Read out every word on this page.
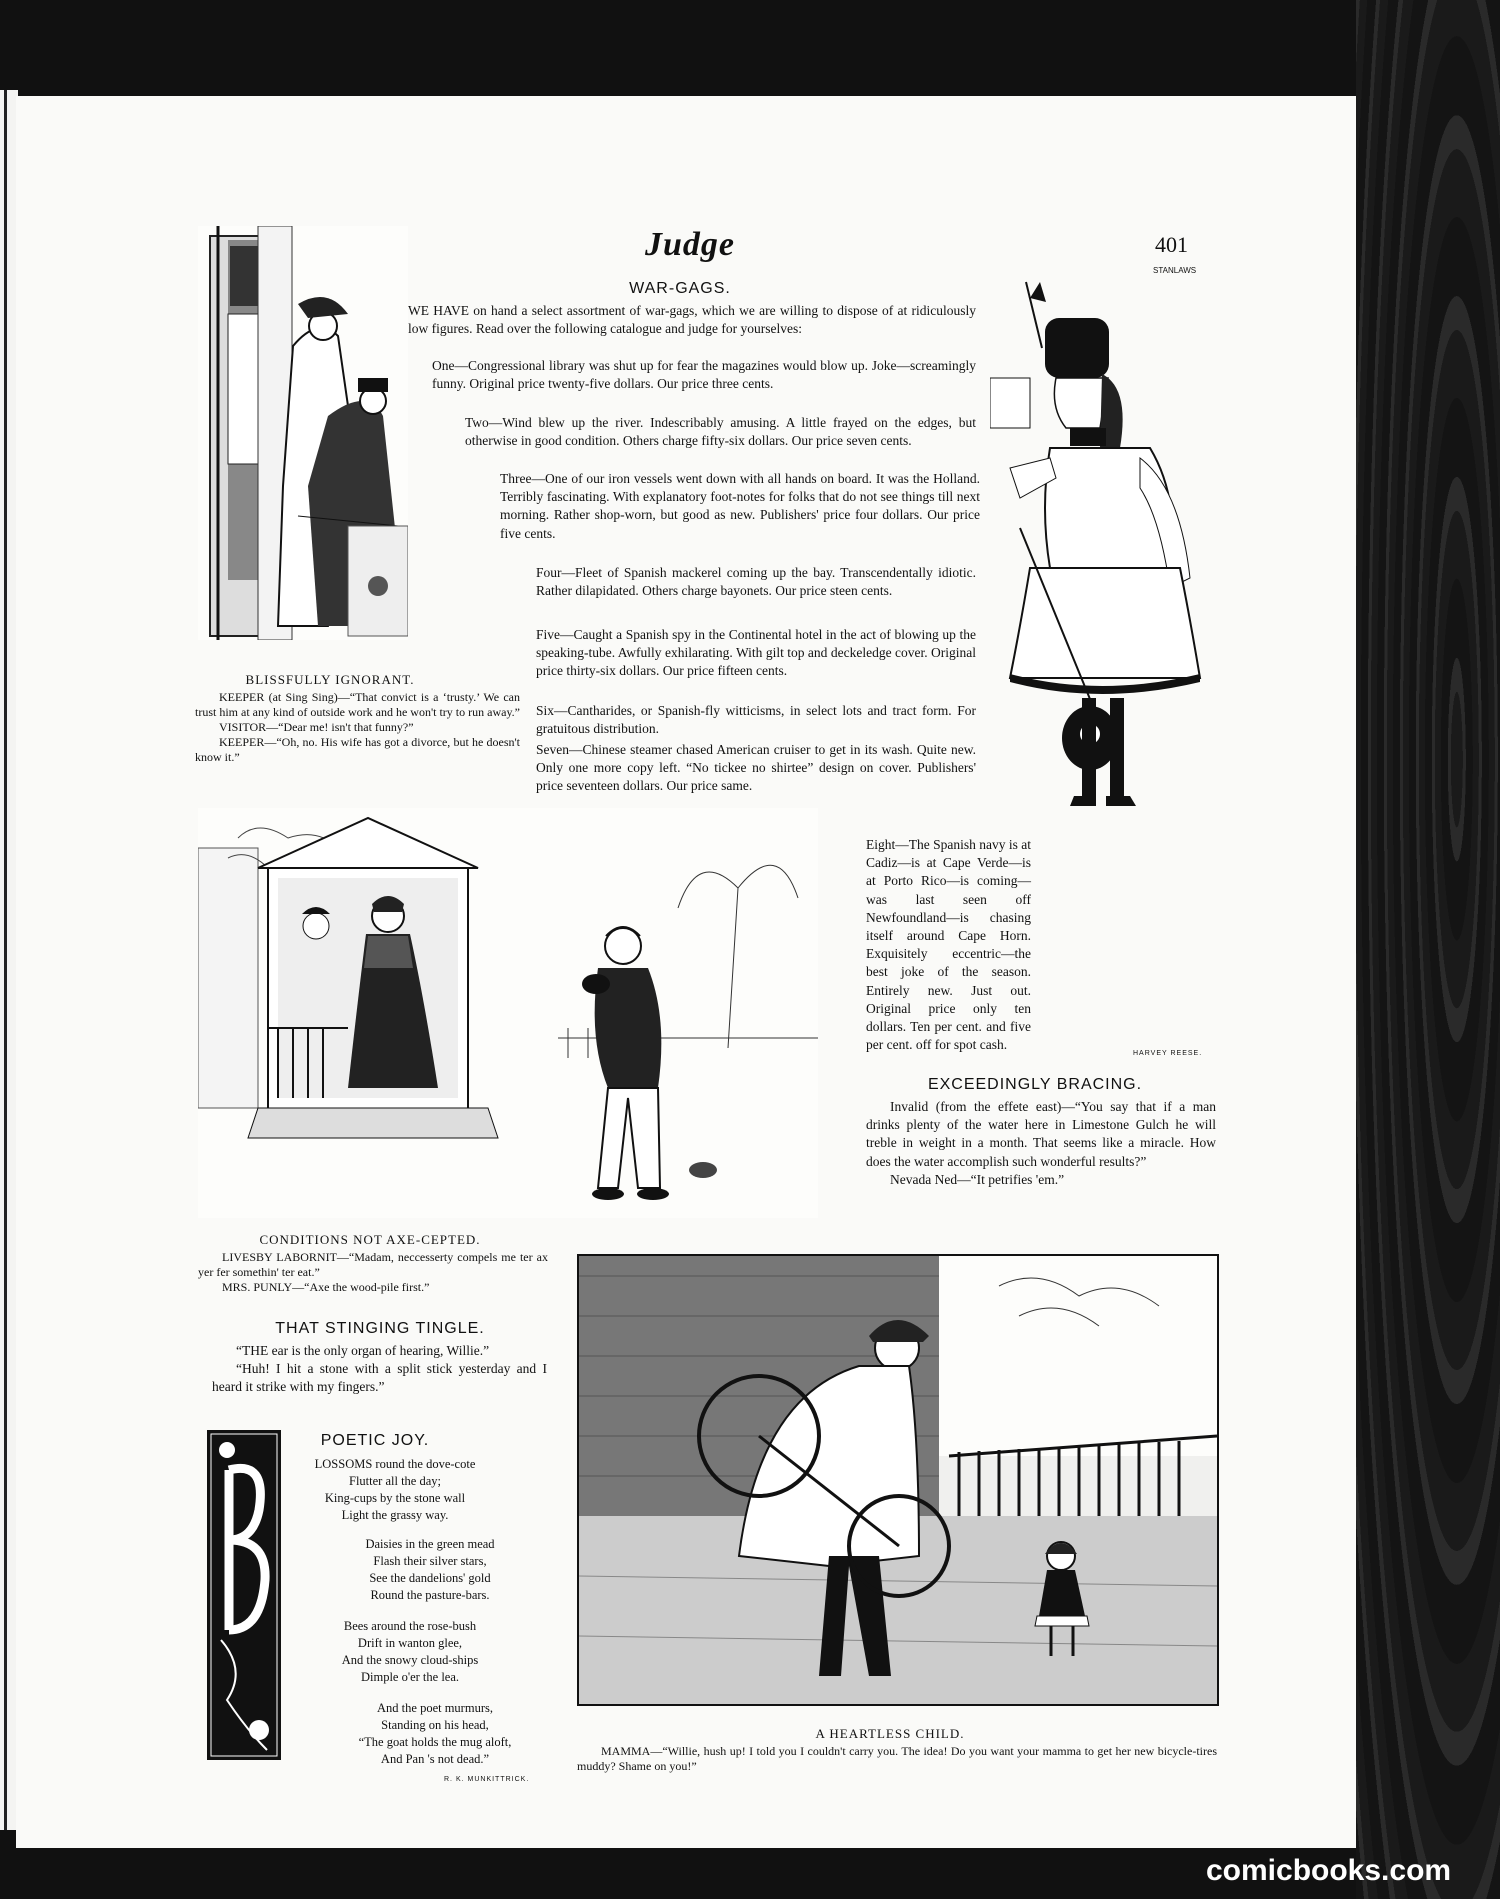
Judge	401
STANLAWS
WAR-GAGS.
WE HAVE on hand a select assortment of war-gags, which we are willing to dispose of at ridiculously low figures. Read over the following catalogue and judge for yourselves:
One—Congressional library was shut up for fear the magazines would blow up. Joke—screamingly funny. Original price twenty-five dollars. Our price three cents.
Two—Wind blew up the river. Indescribably amusing. A little frayed on the edges, but otherwise in good condition. Others charge fifty-six dollars. Our price seven cents.
Three—One of our iron vessels went down with all hands on board. It was the Holland. Terribly fascinating. With explanatory foot-notes for folks that do not see things till next morning. Rather shop-worn, but good as new. Publishers' price four dollars. Our price five cents.
Four—Fleet of Spanish mackerel coming up the bay. Transcendentally idiotic. Rather dilapidated. Others charge bayonets. Our price steen cents.
Five—Caught a Spanish spy in the Continental hotel in the act of blowing up the speaking-tube. Awfully exhilarating. With gilt top and deckeledge cover. Original price thirty-six dollars. Our price fifteen cents.
Six—Cantharides, or Spanish-fly witticisms, in select lots and tract form. For gratuitous distribution.
Seven—Chinese steamer chased American cruiser to get in its wash. Quite new. Only one more copy left. “No tickee no shirtee” design on cover. Publishers' price seventeen dollars. Our price same.
Eight—The Spanish navy is at Cadiz—is at Cape Verde—is at Porto Rico—is coming—was last seen off Newfoundland—is chasing itself around Cape Horn. Exquisitely eccentric—the best joke of the season. Entirely new. Just out. Original price only ten dollars. Ten per cent. and five per cent. off for spot cash.
HARVEY REESE.
BLISSFULLY IGNORANT.
KEEPER (at Sing Sing)—“That convict is a ‘trusty.’ We can trust him at any kind of outside work and he won't try to run away.”
VISITOR—“Dear me! isn't that funny?”
KEEPER—“Oh, no. His wife has got a divorce, but he doesn't know it.”
EXCEEDINGLY BRACING.
Invalid (from the effete east)—“You say that if a man drinks plenty of the water here in Limestone Gulch he will treble in weight in a month. That seems like a miracle. How does the water accomplish such wonderful results?”
Nevada Ned—“It petrifies 'em.”
CONDITIONS NOT AXE-CEPTED.
LIVESBY LABORNIT—“Madam, neccesserty compels me ter ax yer fer somethin' ter eat.”
MRS. PUNLY—“Axe the wood-pile first.”
THAT STINGING TINGLE.
“THE ear is the only organ of hearing, Willie.”
“Huh! I hit a stone with a split stick yesterday and I heard it strike with my fingers.”
POETIC JOY.
LOSSOMS round the dove-cote
Flutter all the day;
King-cups by the stone wall
Light the grassy way.
Daisies in the green mead
Flash their silver stars,
See the dandelions' gold
Round the pasture-bars.
Bees around the rose-bush
Drift in wanton glee,
And the snowy cloud-ships
Dimple o'er the lea.
And the poet murmurs,
Standing on his head,
“The goat holds the mug aloft,
And Pan 's not dead.”
R. K. MUNKITTRICK.
A HEARTLESS CHILD.
MAMMA—“Willie, hush up! I told you I couldn't carry you. The idea! Do you want your mamma to get her new bicycle-tires muddy? Shame on you!”
comicbooks.com
